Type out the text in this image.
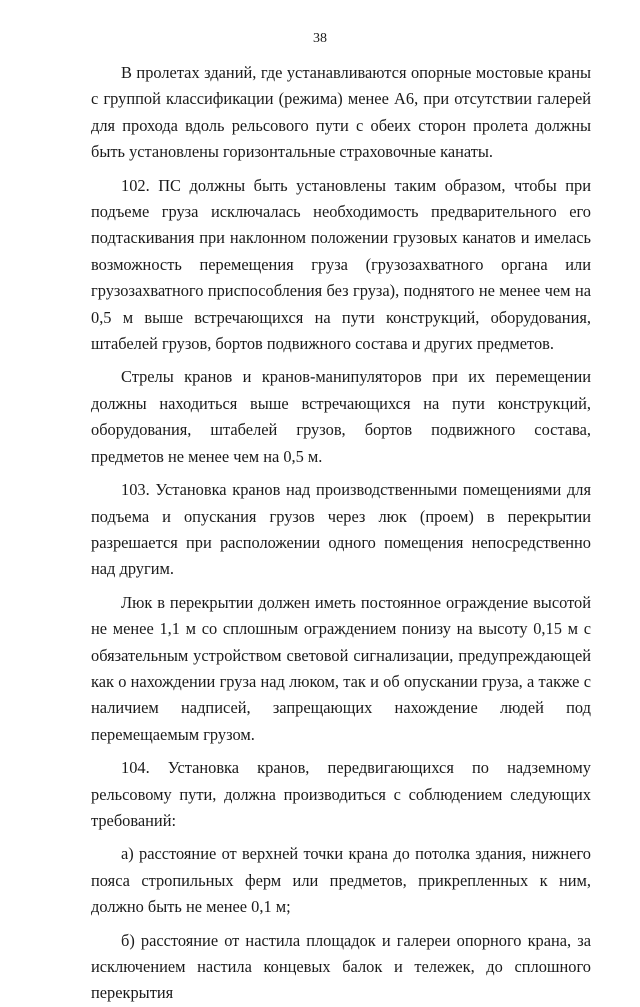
38

В пролетах зданий, где устанавливаются опорные мостовые краны с группой классификации (режима) менее А6, при отсутствии галерей для прохода вдоль рельсового пути с обеих сторон пролета должны быть установлены горизонтальные страховочные канаты.

102. ПС должны быть установлены таким образом, чтобы при подъеме груза исключалась необходимость предварительного его подтаскивания при наклонном положении грузовых канатов и имелась возможность перемещения груза (грузозахватного органа или грузозахватного приспособления без груза), поднятого не менее чем на 0,5 м выше встречающихся на пути конструкций, оборудования, штабелей грузов, бортов подвижного состава и других предметов.

Стрелы кранов и кранов-манипуляторов при их перемещении должны находиться выше встречающихся на пути конструкций, оборудования, штабелей грузов, бортов подвижного состава, предметов не менее чем на 0,5 м.

103. Установка кранов над производственными помещениями для подъема и опускания грузов через люк (проем) в перекрытии разрешается при расположении одного помещения непосредственно над другим.

Люк в перекрытии должен иметь постоянное ограждение высотой не менее 1,1 м со сплошным ограждением понизу на высоту 0,15 м с обязательным устройством световой сигнализации, предупреждающей как о нахождении груза над люком, так и об опускании груза, а также с наличием надписей, запрещающих нахождение людей под перемещаемым грузом.

104. Установка кранов, передвигающихся по надземному рельсовому пути, должна производиться с соблюдением следующих требований:

а) расстояние от верхней точки крана до потолка здания, нижнего пояса стропильных ферм или предметов, прикрепленных к ним, должно быть не менее 0,1 м;

б) расстояние от настила площадок и галереи опорного крана, за исключением настила концевых балок и тележек, до сплошного перекрытия
